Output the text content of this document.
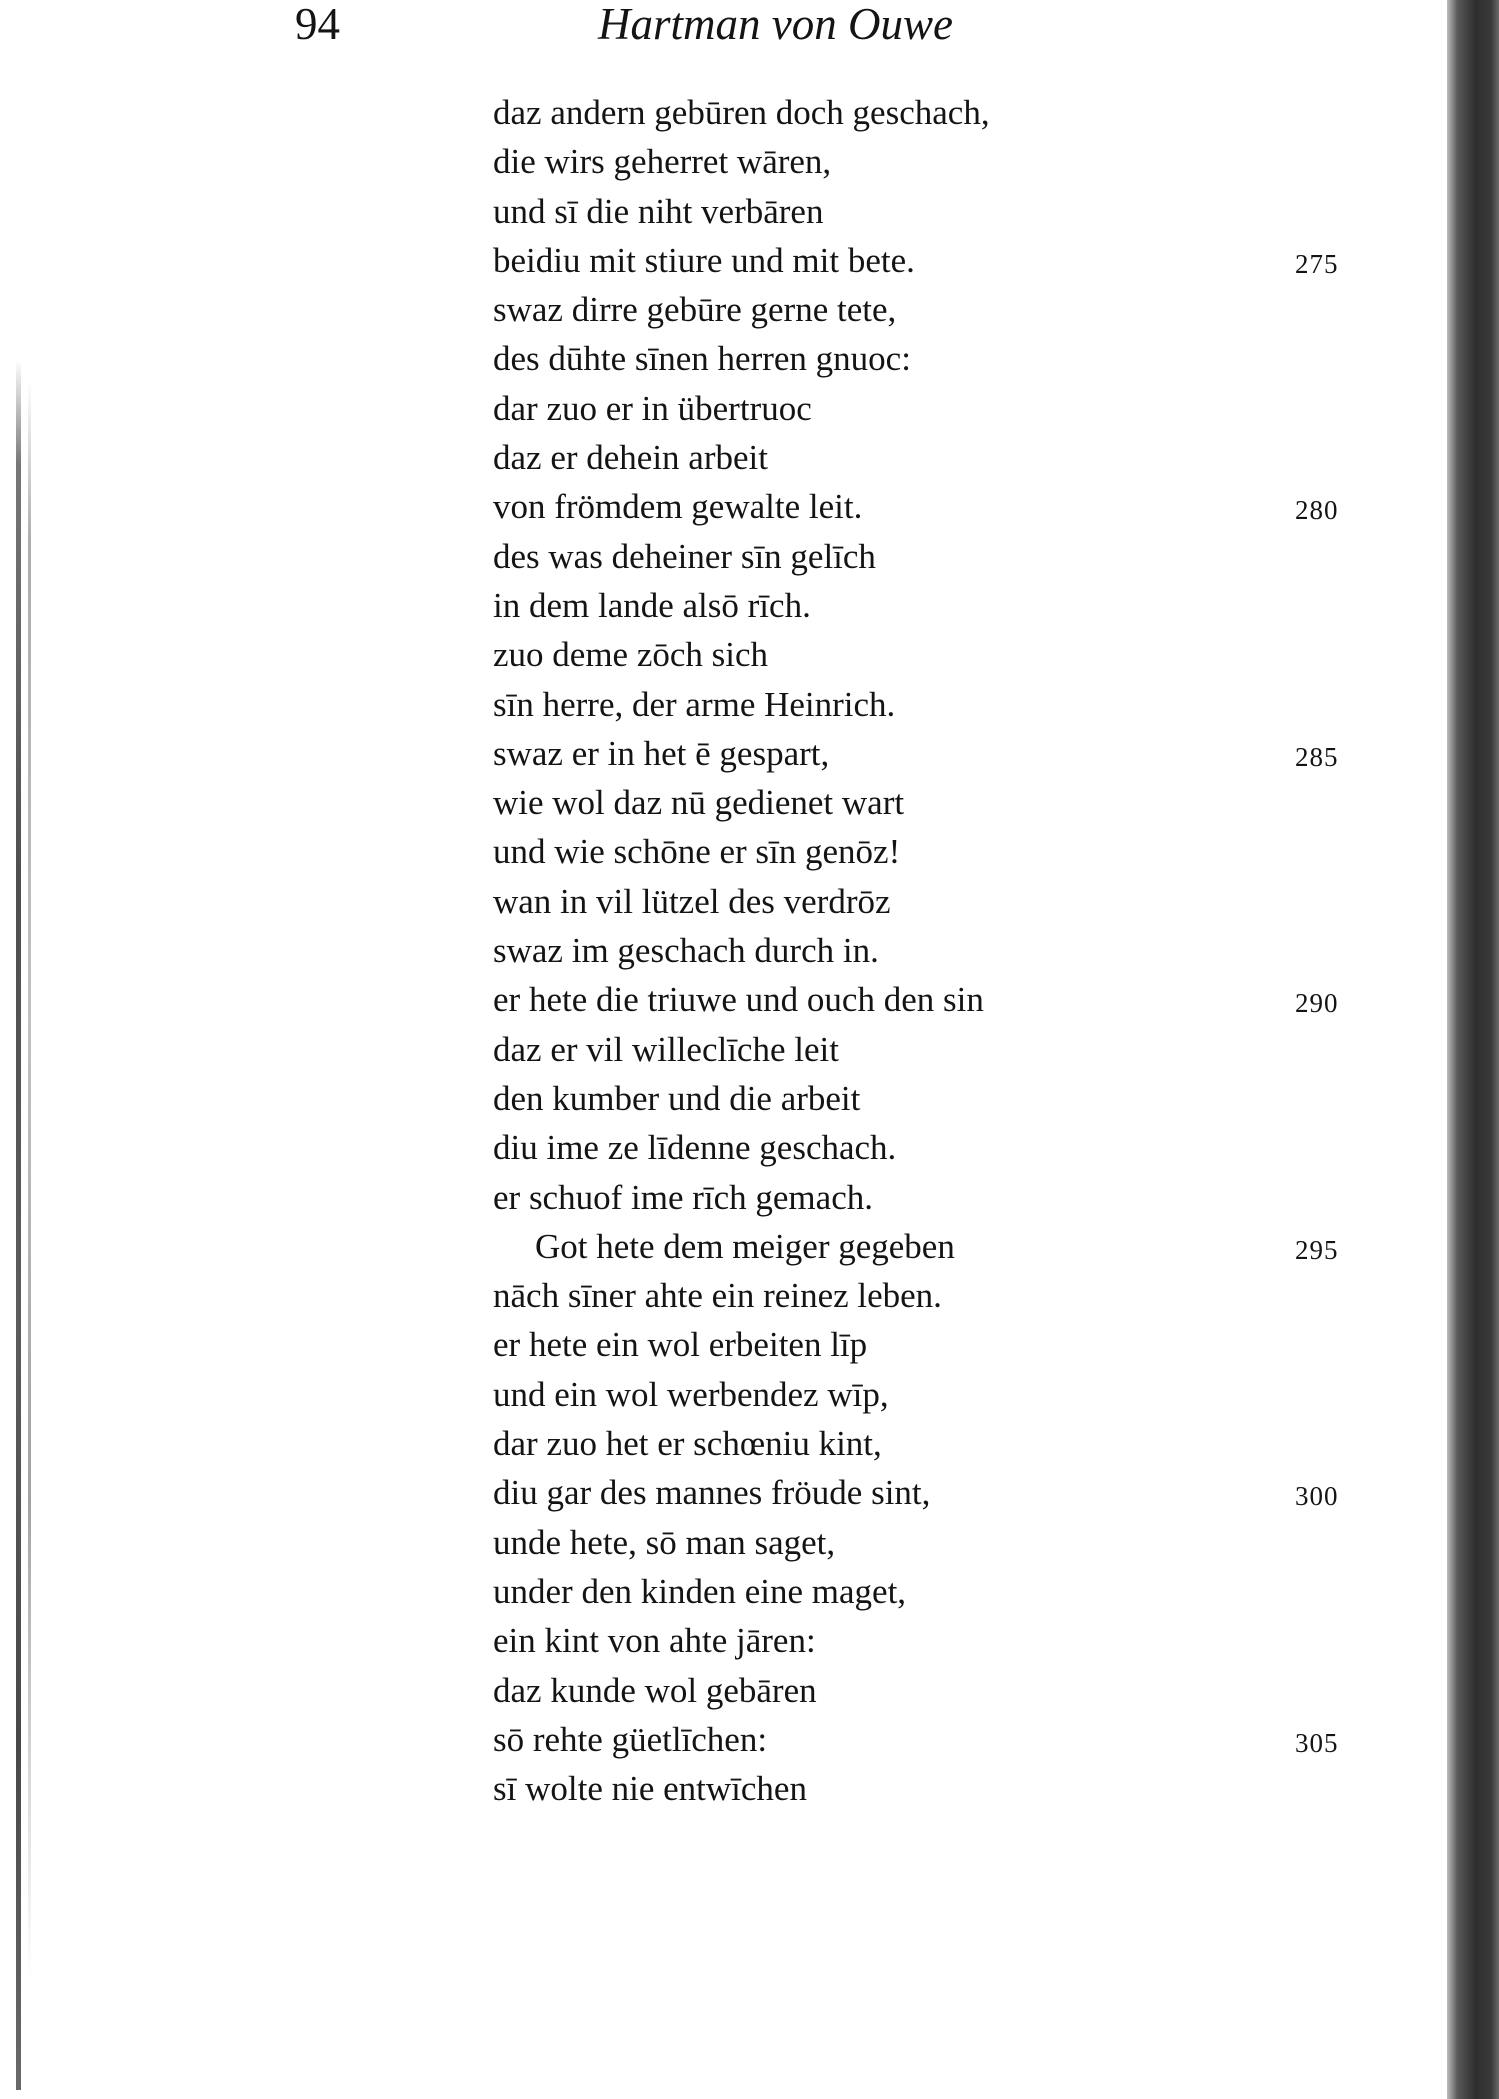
94	Hartman von Ouwe
daz andern gebūren doch geschach,
die wirs geherret wāren,
und sī die niht verbāren
beidiu mit stiure und mit bete.	275
swaz dirre gebūre gerne tete,
des dūhte sīnen herren gnuoc:
dar zuo er in übertruoc
daz er dehein arbeit
von frömdem gewalte leit.	280
des was deheiner sīn gelīch
in dem lande alsō rīch.
zuo deme zōch sich
sīn herre, der arme Heinrich.
swaz er in het ē gespart,	285
wie wol daz nū gedienet wart
und wie schōne er sīn genōz!
wan in vil lützel des verdrōz
swaz im geschach durch in.
er hete die triuwe und ouch den sin	290
daz er vil willeclīche leit
den kumber und die arbeit
diu ime ze līdenne geschach.
er schuof ime rīch gemach.
Got hete dem meiger gegeben	295
nāch sīner ahte ein reinez leben.
er hete ein wol erbeiten līp
und ein wol werbendez wīp,
dar zuo het er schœniu kint,
diu gar des mannes fröude sint,	300
unde hete, sō man saget,
under den kinden eine maget,
ein kint von ahte jāren:
daz kunde wol gebāren
sō rehte güetlīchen:	305
sī wolte nie entwīchen
